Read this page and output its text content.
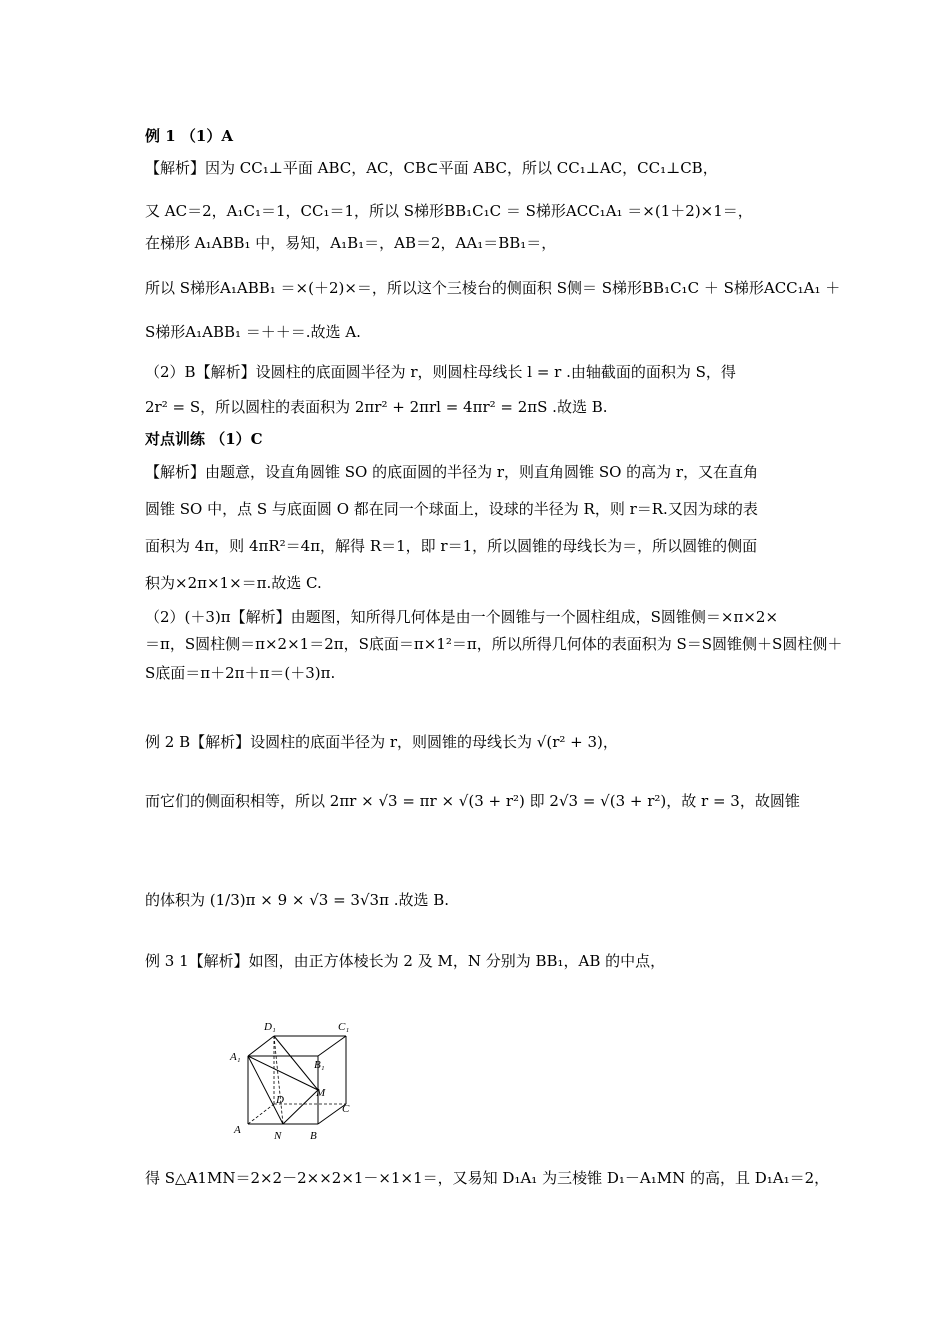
例 1 （1）A
【解析】因为 CC₁⊥平面 ABC，AC，CB⊂平面 ABC，所以 CC₁⊥AC，CC₁⊥CB，
又 AC＝2，A₁C₁＝1，CC₁＝1，所以 S梯形BB₁C₁C ＝ S梯形ACC₁A₁ ＝×(1＋2)×1＝，
在梯形 A₁ABB₁ 中，易知，A₁B₁＝，AB＝2，AA₁＝BB₁＝，
所以 S梯形A₁ABB₁ ＝×(＋2)×＝，所以这个三棱台的侧面积 S侧＝ S梯形BB₁C₁C ＋ S梯形ACC₁A₁ ＋
S梯形A₁ABB₁ ＝＋＋＝.故选 A.
（2）B【解析】设圆柱的底面圆半径为 r，则圆柱母线长 l = r .由轴截面的面积为 S，得
2r² = S，所以圆柱的表面积为 2πr² + 2πrl = 4πr² = 2πS .故选 B.
对点训练 （1）C
【解析】由题意，设直角圆锥 SO 的底面圆的半径为 r，则直角圆锥 SO 的高为 r，又在直角
圆锥 SO 中，点 S 与底面圆 O 都在同一个球面上，设球的半径为 R，则 r＝R.又因为球的表
面积为 4π，则 4πR²＝4π，解得 R＝1，即 r＝1，所以圆锥的母线长为＝，所以圆锥的侧面
积为×2π×1×＝π.故选 C.
（2）(＋3)π【解析】由题图，知所得几何体是由一个圆锥与一个圆柱组成，S圆锥侧＝×π×2×
＝π，S圆柱侧＝π×2×1＝2π，S底面＝π×1²＝π，所以所得几何体的表面积为 S＝S圆锥侧＋S圆柱侧＋
S底面＝π＋2π＋π＝(＋3)π.
例 2 B【解析】设圆柱的底面半径为 r，则圆锥的母线长为 √(r² + 3)，
而它们的侧面积相等，所以 2πr × √3 = πr × √(3 + r²) 即 2√3 = √(3 + r²)，故 r = 3，故圆锥
的体积为 (1/3)π × 9 × √3 = 3√3π .故选 B.
例 3 1【解析】如图，由正方体棱长为 2 及 M，N 分别为 BB₁，AB 的中点，
D₁	C₁
A₁
B₁
D
M
C
A	N	B
得 S△A1MN＝2×2－2××2×1－×1×1＝，又易知 D₁A₁ 为三棱锥 D₁－A₁MN 的高，且 D₁A₁＝2，
